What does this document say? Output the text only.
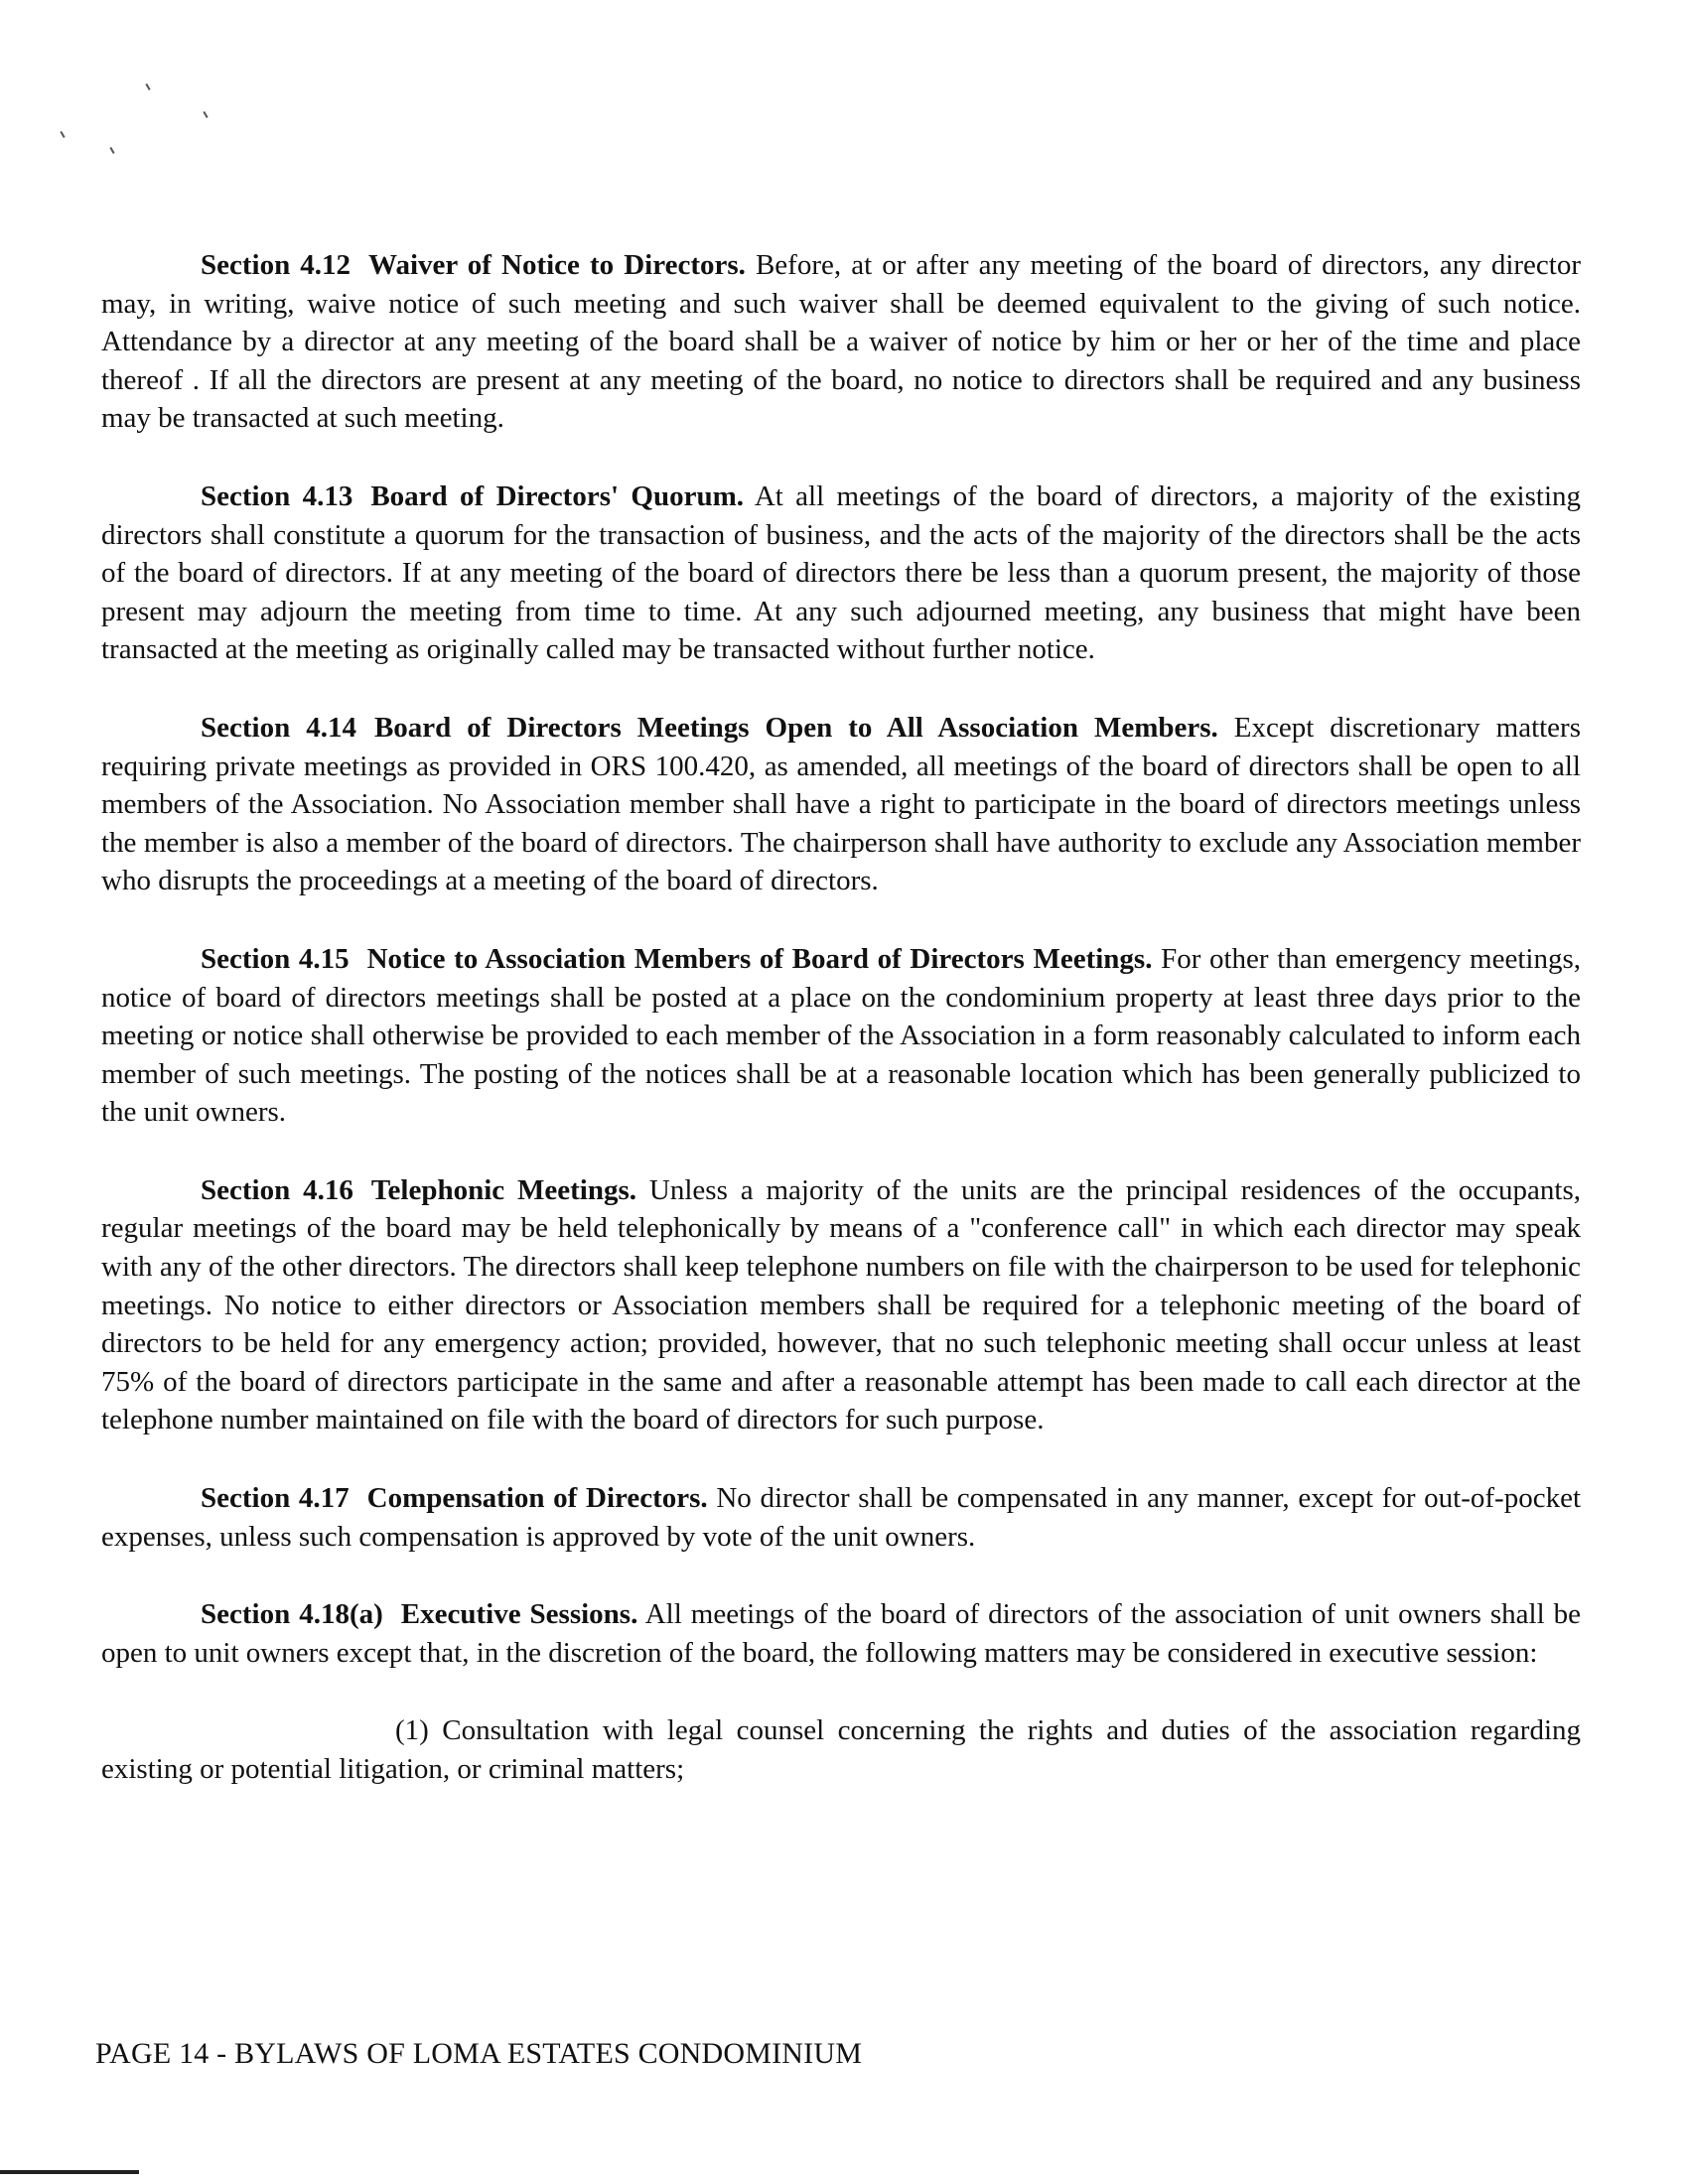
Section 4.12 Waiver of Notice to Directors. Before, at or after any meeting of the board of directors, any director may, in writing, waive notice of such meeting and such waiver shall be deemed equivalent to the giving of such notice. Attendance by a director at any meeting of the board shall be a waiver of notice by him or her or her of the time and place thereof . If all the directors are present at any meeting of the board, no notice to directors shall be required and any business may be transacted at such meeting.

Section 4.13 Board of Directors' Quorum. At all meetings of the board of directors, a majority of the existing directors shall constitute a quorum for the transaction of business, and the acts of the majority of the directors shall be the acts of the board of directors. If at any meeting of the board of directors there be less than a quorum present, the majority of those present may adjourn the meeting from time to time. At any such adjourned meeting, any business that might have been transacted at the meeting as originally called may be transacted without further notice.

Section 4.14 Board of Directors Meetings Open to All Association Members. Except discretionary matters requiring private meetings as provided in ORS 100.420, as amended, all meetings of the board of directors shall be open to all members of the Association. No Association member shall have a right to participate in the board of directors meetings unless the member is also a member of the board of directors. The chairperson shall have authority to exclude any Association member who disrupts the proceedings at a meeting of the board of directors.

Section 4.15 Notice to Association Members of Board of Directors Meetings. For other than emergency meetings, notice of board of directors meetings shall be posted at a place on the condominium property at least three days prior to the meeting or notice shall otherwise be provided to each member of the Association in a form reasonably calculated to inform each member of such meetings. The posting of the notices shall be at a reasonable location which has been generally publicized to the unit owners.

Section 4.16 Telephonic Meetings. Unless a majority of the units are the principal residences of the occupants, regular meetings of the board may be held telephonically by means of a "conference call" in which each director may speak with any of the other directors. The directors shall keep telephone numbers on file with the chairperson to be used for telephonic meetings. No notice to either directors or Association members shall be required for a telephonic meeting of the board of directors to be held for any emergency action; provided, however, that no such telephonic meeting shall occur unless at least 75% of the board of directors participate in the same and after a reasonable attempt has been made to call each director at the telephone number maintained on file with the board of directors for such purpose.

Section 4.17 Compensation of Directors. No director shall be compensated in any manner, except for out-of-pocket expenses, unless such compensation is approved by vote of the unit owners.

Section 4.18(a) Executive Sessions. All meetings of the board of directors of the association of unit owners shall be open to unit owners except that, in the discretion of the board, the following matters may be considered in executive session:

(1) Consultation with legal counsel concerning the rights and duties of the association regarding existing or potential litigation, or criminal matters;

PAGE 14 - BYLAWS OF LOMA ESTATES CONDOMINIUM
